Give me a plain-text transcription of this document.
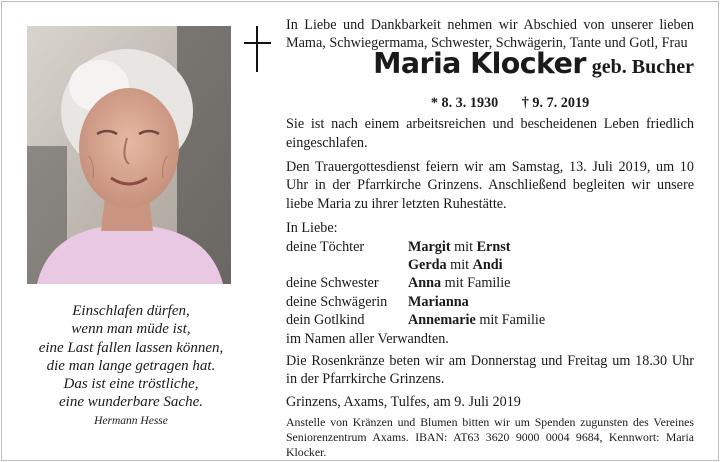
Einschlafen dürfen,
wenn man müde ist,
eine Last fallen lassen können,
die man lange getragen hat.
Das ist eine tröstliche,
eine wunderbare Sache.
Hermann Hesse

In Liebe und Dankbarkeit nehmen wir Abschied von unserer lieben Mama, Schwiegermama, Schwester, Schwägerin, Tante und Gotl, Frau

Maria Klocker geb. Bucher
* 8. 3. 1930 † 9. 7. 2019

Sie ist nach einem arbeitsreichen und bescheidenen Leben friedlich eingeschlafen.

Den Trauergottesdienst feiern wir am Samstag, 13. Juli 2019, um 10 Uhr in der Pfarrkirche Grinzens. Anschließend begleiten wir unsere liebe Maria zu ihrer letzten Ruhestätte.

In Liebe:

deine Töchter	Margit mit Ernst
Gerda mit Andi
deine Schwester	Anna mit Familie
deine Schwägerin	Marianna
dein Gotlkind	Annemarie mit Familie

im Namen aller Verwandten.

Die Rosenkränze beten wir am Donnerstag und Freitag um 18.30 Uhr in der Pfarrkirche Grinzens.

Grinzens, Axams, Tulfes, am 9. Juli 2019

Anstelle von Kränzen und Blumen bitten wir um Spenden zugunsten des Vereines Seniorenzentrum Axams. IBAN: AT63 3620 9000 0004 9684, Kennwort: Maria Klocker.
